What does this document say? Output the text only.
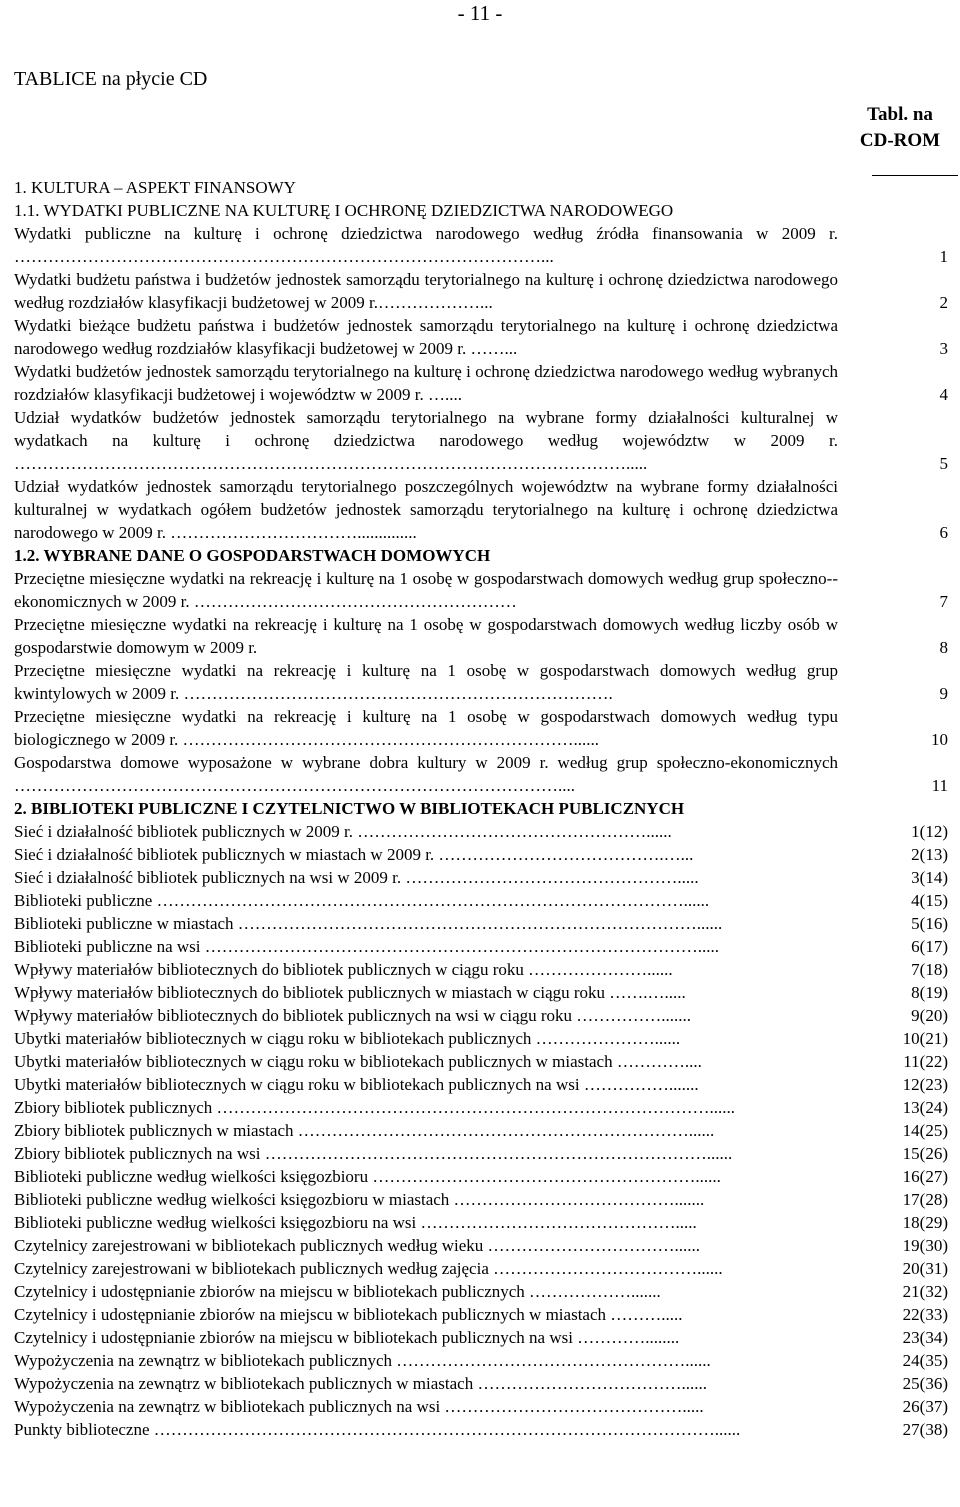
- 11 -
TABLICE na płycie CD
Tabl. na
CD-ROM
1. KULTURA – ASPEKT FINANSOWY
1.1. WYDATKI PUBLICZNE NA KULTURĘ I OCHRONĘ DZIEDZICTWA NARODOWEGO
Wydatki publiczne na kulturę i ochronę dziedzictwa narodowego według źródła finansowania w 2009 r. …………………………………………………………………………………...	1
Wydatki budżetu państwa i budżetów jednostek samorządu terytorialnego na kulturę i ochronę dziedzictwa narodowego według rozdziałów klasyfikacji budżetowej w 2009 r.………………...	2
Wydatki bieżące budżetu państwa i budżetów jednostek samorządu terytorialnego na kulturę i ochronę dziedzictwa narodowego według rozdziałów klasyfikacji budżetowej w 2009 r. ……...	3
Wydatki budżetów jednostek samorządu terytorialnego na kulturę i ochronę dziedzictwa narodowego według wybranych rozdziałów klasyfikacji budżetowej i województw w 2009 r. …....	4
Udział wydatków budżetów jednostek samorządu terytorialnego na wybrane formy działalności kulturalnej w wydatkach na kulturę i ochronę dziedzictwa narodowego według województw w 2009 r. ……………………………………………………………………………………………….....	5
Udział wydatków jednostek samorządu terytorialnego poszczególnych województw na wybrane formy działalności kulturalnej w wydatkach ogółem budżetów jednostek samorządu terytorialnego na kulturę i ochronę dziedzictwa narodowego w 2009 r. ……………………………..............	6
1.2. WYBRANE DANE O GOSPODARSTWACH DOMOWYCH
Przeciętne miesięczne wydatki na rekreację i kulturę na 1 osobę w gospodarstwach domowych według grup społeczno--ekonomicznych w 2009 r. …………………………………………………	7
Przeciętne miesięczne wydatki na rekreację i kulturę na 1 osobę w gospodarstwach domowych według liczby osób w gospodarstwie domowym w 2009 r.	8
Przeciętne miesięczne wydatki na rekreację i kulturę na 1 osobę w gospodarstwach domowych według grup kwintylowych w 2009 r. ………………………………………………………………….	9
Przeciętne miesięczne wydatki na rekreację i kulturę na 1 osobę w gospodarstwach domowych według typu biologicznego w 2009 r. ……………………………………………………………......	10
Gospodarstwa domowe wyposażone w wybrane dobra kultury w 2009 r. według grup społeczno-ekonomicznych ……………………………………………………………………………………....	11
2. BIBLIOTEKI PUBLICZNE I CZYTELNICTWO W BIBLIOTEKACH PUBLICZNYCH
Sieć i działalność bibliotek publicznych w 2009 r. ……………………………………………......	1(12)
Sieć i działalność bibliotek publicznych w miastach w 2009 r. ………………………………….…...	2(13)
Sieć i działalność bibliotek publicznych na wsi w 2009 r. ………………………………………….....	3(14)
Biblioteki publiczne …………………………………………………………………………………......	4(15)
Biblioteki publiczne w miastach ………………………………………………………………………......	5(16)
Biblioteki publiczne na wsi …………………………………………………………………………….....	6(17)
Wpływy materiałów bibliotecznych do bibliotek publicznych w ciągu roku …………………......	7(18)
Wpływy materiałów bibliotecznych do bibliotek publicznych w miastach w ciągu roku …….….....	8(19)
Wpływy materiałów bibliotecznych do bibliotek publicznych na wsi w ciągu roku …………….......	9(20)
Ubytki materiałów bibliotecznych w ciągu roku w bibliotekach publicznych …………………......	10(21)
Ubytki materiałów bibliotecznych w ciągu roku w bibliotekach publicznych w miastach …………....	11(22)
Ubytki materiałów bibliotecznych w ciągu roku w bibliotekach publicznych na wsi …………….......	12(23)
Zbiory bibliotek publicznych ……………………………………………………………………………......	13(24)
Zbiory bibliotek publicznych w miastach ……………………………………………………………......	14(25)
Zbiory bibliotek publicznych na wsi ……………………………………………………………………......	15(26)
Biblioteki publiczne według wielkości księgozbioru …………………………………………………......	16(27)
Biblioteki publiczne według wielkości księgozbioru w miastach ………………………………….......	17(28)
Biblioteki publiczne według wielkości księgozbioru na wsi ……………………………………….....	18(29)
Czytelnicy zarejestrowani w bibliotekach publicznych według wieku ……………………………......	19(30)
Czytelnicy zarejestrowani w bibliotekach publicznych według zajęcia ………………………………......	20(31)
Czytelnicy i udostępnianie zbiorów na miejscu w bibliotekach publicznych ……………….......	21(32)
Czytelnicy i udostępnianie zbiorów na miejscu w bibliotekach publicznych w miastach ……….....	22(33)
Czytelnicy i udostępnianie zbiorów na miejscu w bibliotekach publicznych na wsi …………........	23(34)
Wypożyczenia na zewnątrz w bibliotekach publicznych ……………………………………………......	24(35)
Wypożyczenia na zewnątrz w bibliotekach publicznych w miastach ………………………………......	25(36)
Wypożyczenia na zewnątrz w bibliotekach publicznych na wsi …………………………………….....	26(37)
Punkty biblioteczne ………………………………………………………………………………………......	27(38)
